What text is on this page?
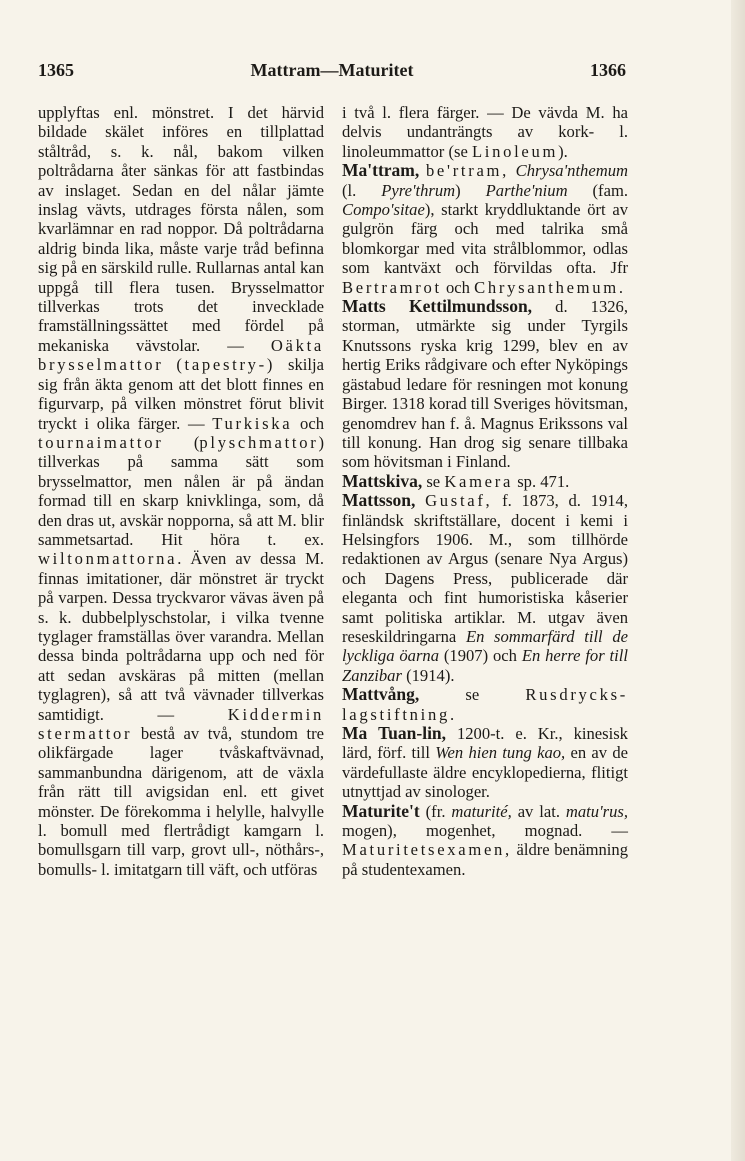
1365	Mattram—Maturitet	1366

upplyftas enl. mönstret. I det härvid bildade skälet införes en tillplattad ståltråd, s. k. nål, bakom vilken poltrådarna åter sänkas för att fastbindas av inslaget. Sedan en del nålar jämte inslag vävts, utdrages första nålen, som kvarlämnar en rad noppor. Då poltrådarna aldrig binda lika, måste varje tråd befinna sig på en särskild rulle. Rullarnas antal kan uppgå till flera tusen. Brysselmattor tillverkas trots det invecklade framställningssättet med fördel på mekaniska vävstolar. — Oäkta brysselmattor (tapestry-) skilja sig från äkta genom att det blott finnes en figurvarp, på vilken mönstret förut blivit tryckt i olika färger. — Turkiska och tournaimattor (plyschmattor) tillverkas på samma sätt som brysselmattor, men nålen är på ändan formad till en skarp knivklinga, som, då den dras ut, avskär nopporna, så att M. blir sammetsartad. Hit höra t. ex. wiltonmattorna. Även av dessa M. finnas imitationer, där mönstret är tryckt på varpen. Dessa tryckvaror vävas även på s. k. dubbelplyschstolar, i vilka tvenne tyglager framställas över varandra. Mellan dessa binda poltrådarna upp och ned för att sedan avskäras på mitten (mellan tyglagren), så att två vävnader tillverkas samtidigt. — Kiddermin stermattor bestå av två, stundom tre olikfärgade lager tvåskaftvävnad, sammanbundna därigenom, att de växla från rätt till avigsidan enl. ett givet mönster. De förekomma i helylle, halvylle l. bomull med flertrådigt kamgarn l. bomullsgarn till varp, grovt ull-, nöthårs-, bomulls- l. imitatgarn till väft, och utföras

i två l. flera färger. — De vävda M. ha delvis undanträngts av kork- l. linoleummattor (se Linoleum).

Ma'ttram, be'rtram, Chrysa'nthemum (l. Pyre'thrum) Parthe'nium (fam. Compo'sitae), starkt kryddluktande ört av gulgrön färg och med talrika små blomkorgar med vita strålblommor, odlas som kantväxt och förvildas ofta. Jfr Bertramrot och Chrysanthemum.

Matts Kettilmundsson, d. 1326, storman, utmärkte sig under Tyrgils Knutssons ryska krig 1299, blev en av hertig Eriks rådgivare och efter Nyköpings gästabud ledare för resningen mot konung Birger. 1318 korad till Sveriges hövitsman, genomdrev han f. å. Magnus Erikssons val till konung. Han drog sig senare tillbaka som hövitsman i Finland.

Mattskiva, se Kamera sp. 471.

Mattsson, Gustaf, f. 1873, d. 1914, finländsk skriftställare, docent i kemi i Helsingfors 1906. M., som tillhörde redaktionen av Argus (senare Nya Argus) och Dagens Press, publicerade där eleganta och fint humoristiska kåserier samt politiska artiklar. M. utgav även reseskildringarna En sommarfärd till de lyckliga öarna (1907) och En herre for till Zanzibar (1914).

Mattvång, se Rusdrycks-lagstiftning.

Ma Tuan-lin, 1200-t. e. Kr., kinesisk lärd, förf. till Wen hien tung kao, en av de värdefullaste äldre encyklopedierna, flitigt utnyttjad av sinologer.

Maturite't (fr. maturité, av lat. matu'rus, mogen), mogenhet, mognad. — Maturitetsexamen, äldre benämning på studentexamen.
